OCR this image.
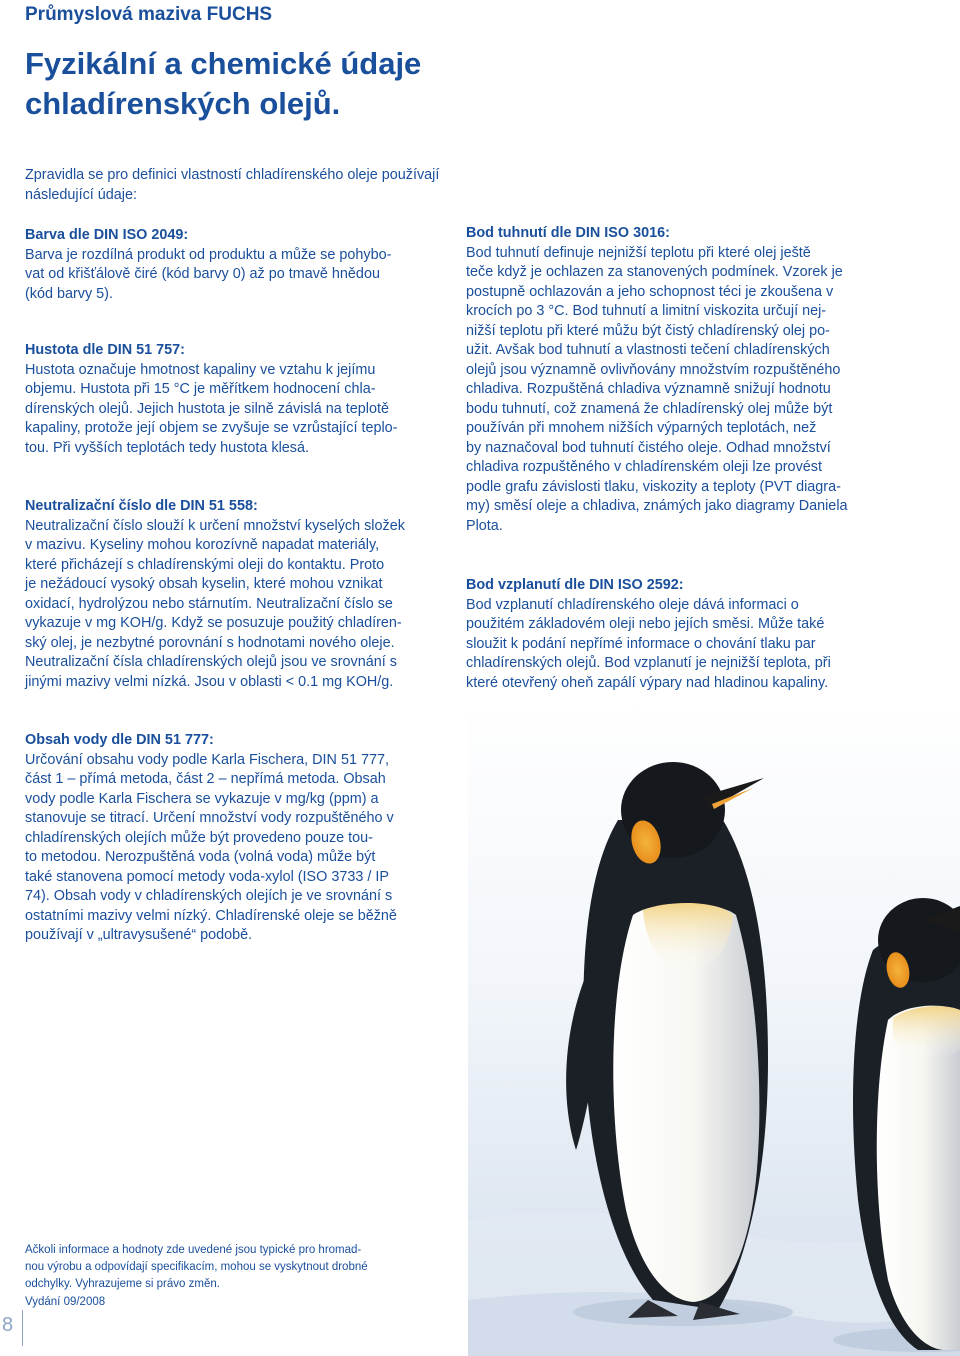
Průmyslová maziva FUCHS
Fyzikální a chemické údaje
chladírenských olejů.
Zpravidla se pro definici vlastností chladírenského oleje používají následující údaje:
Barva dle DIN ISO 2049:

Barva je rozdílná produkt od produktu a může se pohybo-
vat od křišťálově čiré (kód barvy 0) až po tmavě hnědou
(kód barvy 5).

Hustota dle DIN 51 757:

Hustota označuje hmotnost kapaliny ve vztahu k jejímu
objemu. Hustota při 15 °C je měřítkem hodnocení chla-
dírenských olejů. Jejich hustota je silně závislá na teplotě
kapaliny, protože její objem se zvyšuje se vzrůstající teplo-
tou. Při vyšších teplotách tedy hustota klesá.

Neutralizační číslo dle DIN 51 558:

Neutralizační číslo slouží k určení množství kyselých složek
v mazivu. Kyseliny mohou korozívně napadat materiály,
které přicházejí s chladírenskými oleji do kontaktu. Proto
je nežádoucí vysoký obsah kyselin, které mohou vznikat
oxidací, hydrolýzou nebo stárnutím. Neutralizační číslo se
vykazuje v mg KOH/g. Když se posuzuje použitý chladíren-
ský olej, je nezbytné porovnání s hodnotami nového oleje.
Neutralizační čísla chladírenských olejů jsou ve srovnání s
jinými mazivy velmi nízká. Jsou v oblasti < 0.1 mg KOH/g.

Obsah vody dle DIN 51 777:

Určování obsahu vody podle Karla Fischera, DIN 51 777,
část 1 – přímá metoda, část 2 – nepřímá metoda. Obsah
vody podle Karla Fischera se vykazuje v mg/kg (ppm) a
stanovuje se titrací. Určení množství vody rozpuštěného v
chladírenských olejích může být provedeno pouze tou-
to metodou. Nerozpuštěná voda (volná voda) může být
také stanovena pomocí metody voda-xylol (ISO 3733 / IP
74). Obsah vody v chladírenských olejích je ve srovnání s
ostatními mazivy velmi nízký. Chladírenské oleje se běžně
používají v „ultravysušené“ podobě.

Bod tuhnutí dle DIN ISO 3016:

Bod tuhnutí definuje nejnižší teplotu při které olej ještě
teče když je ochlazen za stanovených podmínek. Vzorek je
postupně ochlazován a jeho schopnost téci je zkoušena v
krocích po 3 °C. Bod tuhnutí a limitní viskozita určují nej-
nižší teplotu při které můžu být čistý chladírenský olej po-
užit. Avšak bod tuhnutí a vlastnosti tečení chladírenských
olejů jsou významně ovlivňovány množstvím rozpuštěného
chladiva. Rozpuštěná chladiva významně snižují hodnotu
bodu tuhnutí, což znamená že chladírenský olej může být
používán při mnohem nižších výparných teplotách, než
by naznačoval bod tuhnutí čistého oleje. Odhad množství
chladiva rozpuštěného v chladírenském oleji lze provést
podle grafu závislosti tlaku, viskozity a teploty (PVT diagra-
my) směsí oleje a chladiva, známých jako diagramy Daniela
Plota.

Bod vzplanutí dle DIN ISO 2592:

Bod vzplanutí chladírenského oleje dává informaci o
použitém základovém oleji nebo jejích směsi. Může také
sloužit k podání nepřímé informace o chování tlaku par
chladírenských olejů. Bod vzplanutí je nejnižší teplota, při
které otevřený oheň zapálí výpary nad hladinou kapaliny.

Ačkoli informace a hodnoty zde uvedené jsou typické pro hromad-
nou výrobu a odpovídají specifikacím, mohou se vyskytnout drobné
odchylky. Vyhrazujeme si právo změn.
Vydání 09/2008
8
